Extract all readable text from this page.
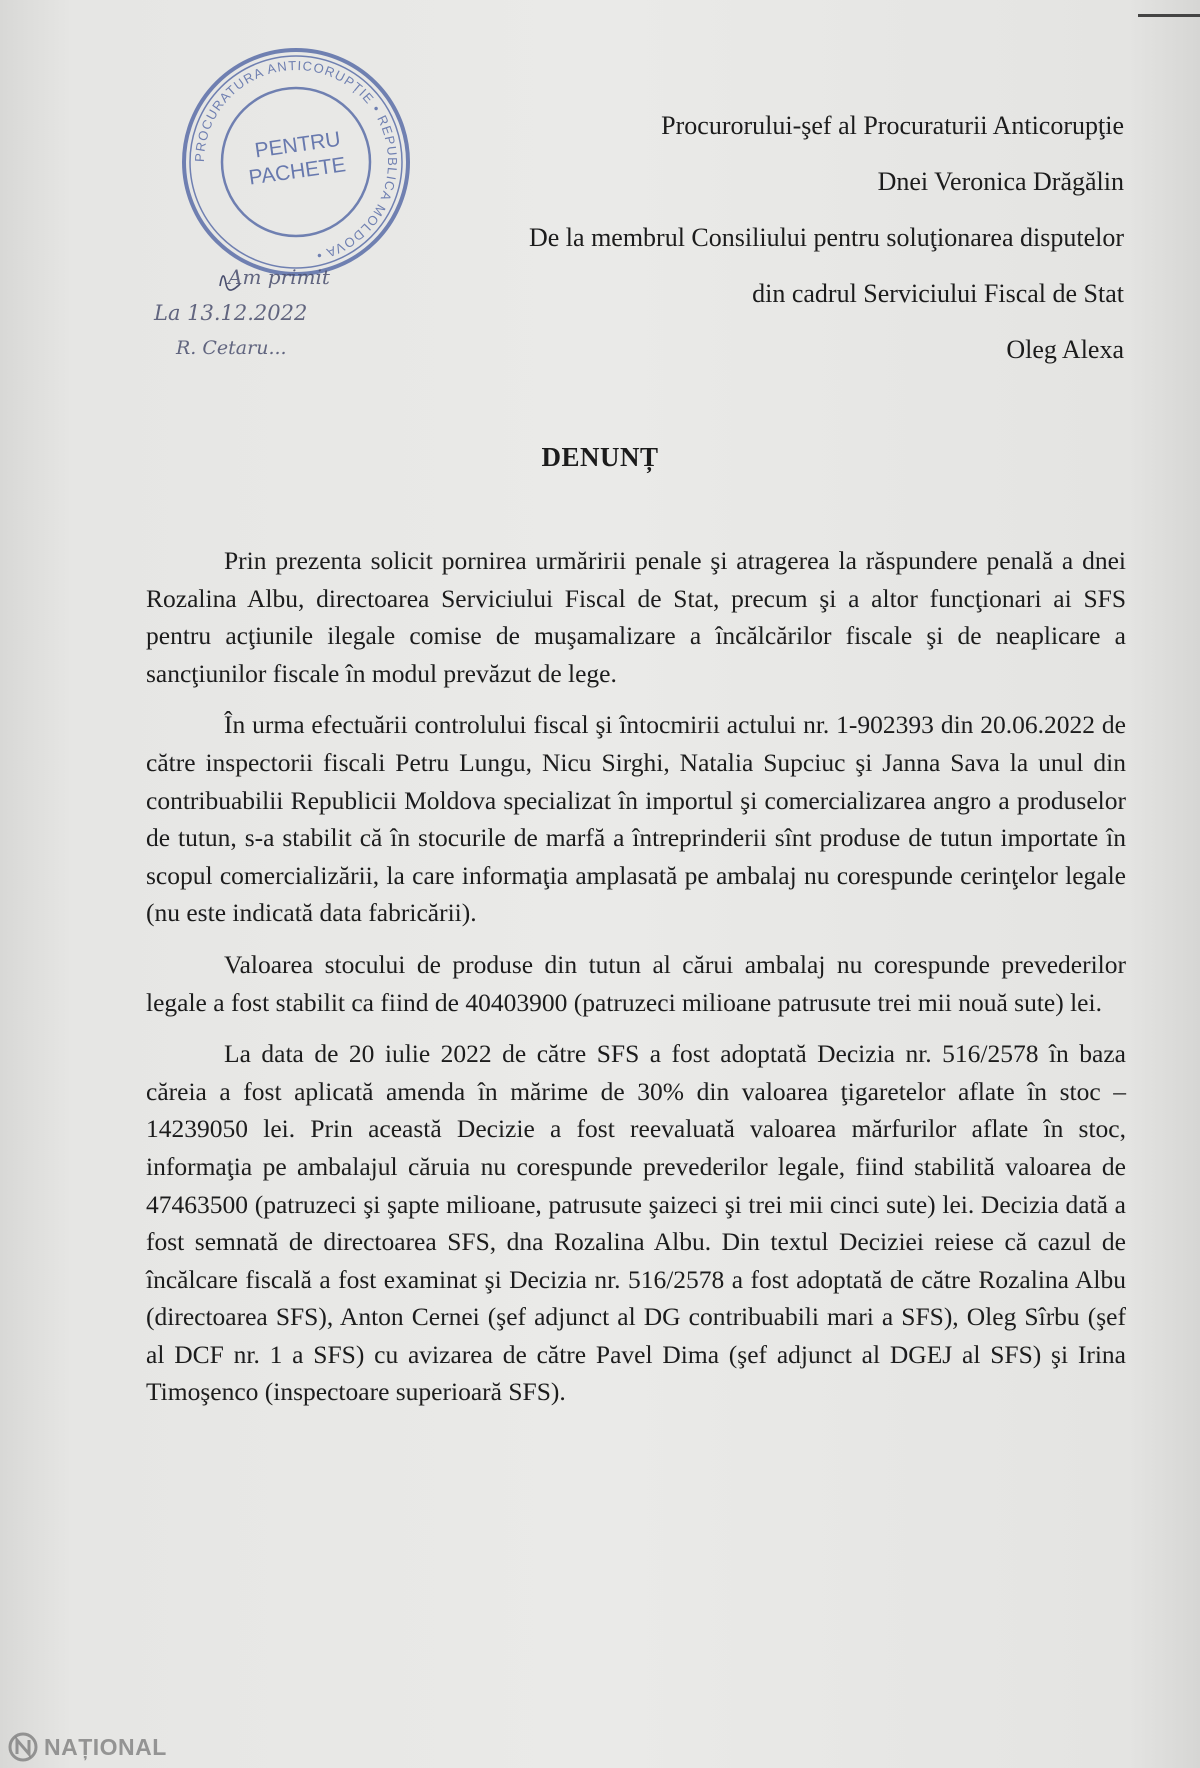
PROCURATURA ANTICORUPȚIE • REPUBLICA MOLDOVA •
PENTRU
PACHETE
Am primit
La 13.12.2022
R. Cetaru...
Procurorului-şef al Procuraturii Anticorupţie
Dnei Veronica Drăgălin
De la membrul Consiliului pentru soluţionarea disputelor
din cadrul Serviciului Fiscal de Stat
Oleg Alexa
DENUNȚ

Prin prezenta solicit pornirea urmăririi penale şi atragerea la răspundere penală a dnei Rozalina Albu, directoarea Serviciului Fiscal de Stat, precum şi a altor funcţionari ai SFS pentru acţiunile ilegale comise de muşamalizare a încălcărilor fiscale şi de neaplicare a sancţiunilor fiscale în modul prevăzut de lege.

În urma efectuării controlului fiscal şi întocmirii actului nr. 1-902393 din 20.06.2022 de către inspectorii fiscali Petru Lungu, Nicu Sirghi, Natalia Supciuc şi Janna Sava la unul din contribuabilii Republicii Moldova specializat în importul şi comercializarea angro a produselor de tutun, s-a stabilit că în stocurile de marfă a întreprinderii sînt produse de tutun importate în scopul comercializării, la care informaţia amplasată pe ambalaj nu corespunde cerinţelor legale (nu este indicată data fabricării).

Valoarea stocului de produse din tutun al cărui ambalaj nu corespunde prevederilor legale a fost stabilit ca fiind de 40403900 (patruzeci milioane patrusute trei mii nouă sute) lei.

La data de 20 iulie 2022 de către SFS a fost adoptată Decizia nr. 516/2578 în baza căreia a fost aplicată amenda în mărime de 30% din valoarea ţigaretelor aflate în stoc – 14239050 lei. Prin această Decizie a fost reevaluată valoarea mărfurilor aflate în stoc, informaţia pe ambalajul căruia nu corespunde prevederilor legale, fiind stabilită valoarea de 47463500 (patruzeci şi şapte milioane, patrusute şaizeci şi trei mii cinci sute) lei. Decizia dată a fost semnată de directoarea SFS, dna Rozalina Albu. Din textul Deciziei reiese că cazul de încălcare fiscală a fost examinat şi Decizia nr. 516/2578 a fost adoptată de către Rozalina Albu (directoarea SFS), Anton Cernei (şef adjunct al DG contribuabili mari a SFS), Oleg Sîrbu (şef al DCF nr. 1 a SFS) cu avizarea de către Pavel Dima (şef adjunct al DGEJ al SFS) şi Irina Timoşenco (inspectoare superioară SFS).

NAȚIONAL
